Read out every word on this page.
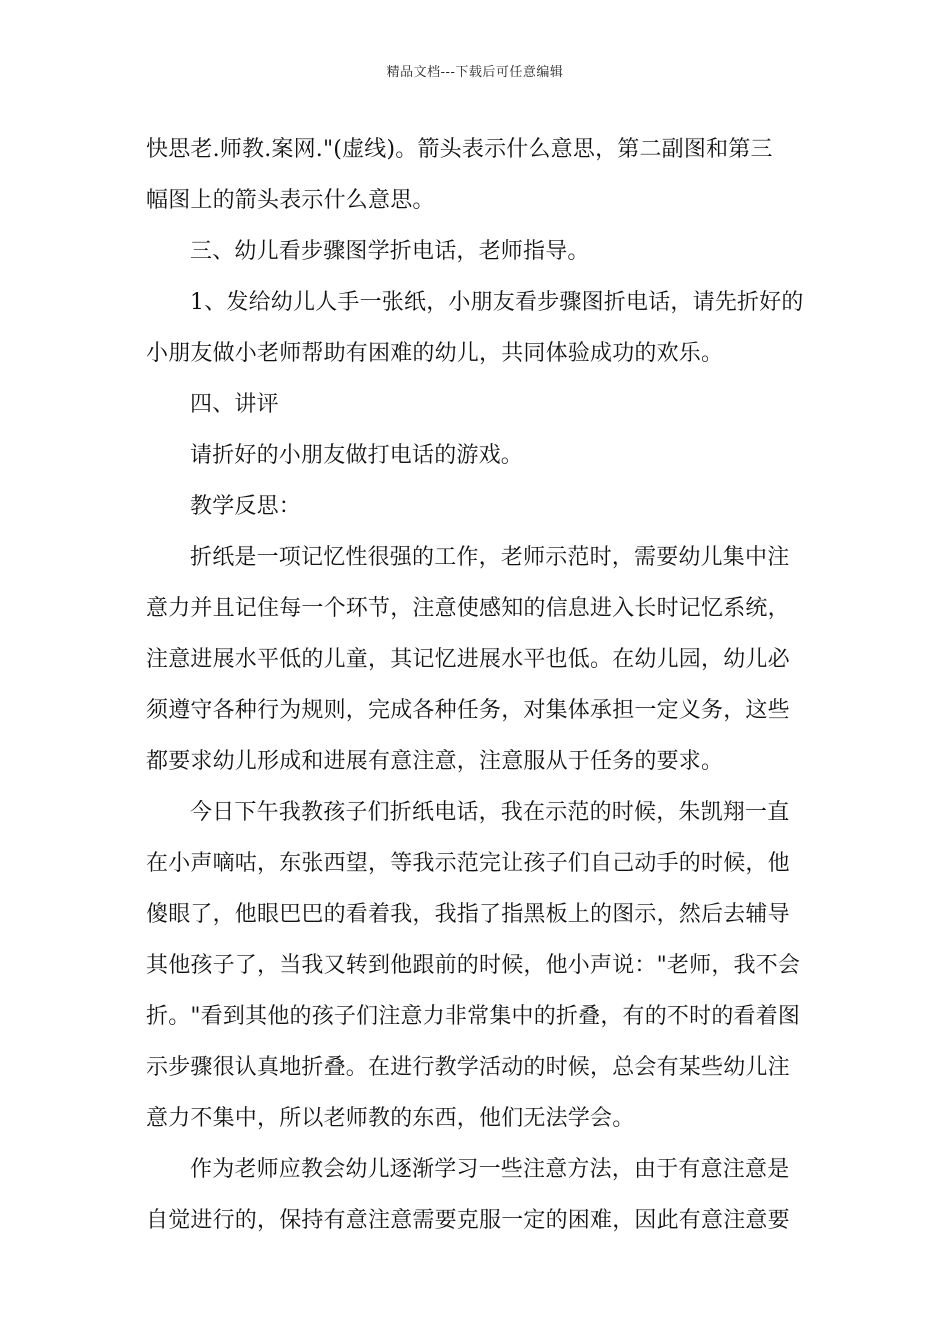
精品文档---下载后可任意编辑
快思老.师教.案网."(虚线)。箭头表示什么意思，第二副图和第三
幅图上的箭头表示什么意思。
三、幼儿看步骤图学折电话，老师指导。
1、发给幼儿人手一张纸，小朋友看步骤图折电话，请先折好的
小朋友做小老师帮助有困难的幼儿，共同体验成功的欢乐。
四、讲评
请折好的小朋友做打电话的游戏。
教学反思：
折纸是一项记忆性很强的工作，老师示范时，需要幼儿集中注
意力并且记住每一个环节，注意使感知的信息进入长时记忆系统，
注意进展水平低的儿童，其记忆进展水平也低。在幼儿园，幼儿必
须遵守各种行为规则，完成各种任务，对集体承担一定义务，这些
都要求幼儿形成和进展有意注意，注意服从于任务的要求。
今日下午我教孩子们折纸电话，我在示范的时候，朱凯翔一直
在小声嘀咕，东张西望，等我示范完让孩子们自己动手的时候，他
傻眼了，他眼巴巴的看着我，我指了指黑板上的图示，然后去辅导
其他孩子了，当我又转到他跟前的时候，他小声说："老师，我不会
折。"看到其他的孩子们注意力非常集中的折叠，有的不时的看着图
示步骤很认真地折叠。在进行教学活动的时候，总会有某些幼儿注
意力不集中，所以老师教的东西，他们无法学会。
作为老师应教会幼儿逐渐学习一些注意方法，由于有意注意是
自觉进行的，保持有意注意需要克服一定的困难，因此有意注意要
